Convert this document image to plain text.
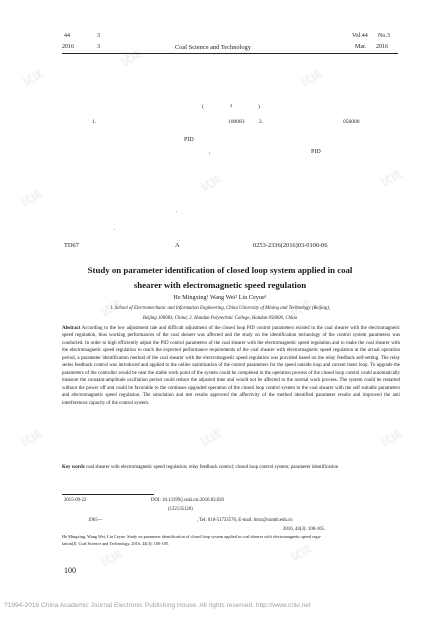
试读
试读
试读
试读
试读	试读
试读	试读
试读	试读	试读
试读	试读
44	3
2016	3	Coal Science and Technology
Vol.44 No.3
Mar. 2016
(	2	)
1.	100083	2.	056000
PID
,	PID
.
.
TD67	A	0253-2336(2016)03-0100-06
Study on parameter identification of closed loop system applied in coal
shearer with electromagnetic speed regulation
He Mingxing¹ Wang Wei² Liu Ceyue¹
1. School of Electromechanic and Information Engineering, China University of Mining and Technology (Beijing),
Beijing 100083, China; 2. Handan Polytechnic College, Handan 056000, China
Abstract According to the low adjustment rate and difficult adjustment of the closed loop PID control parameters existed in the coal shearer with the electromagnetic speed regulation, thus working performances of the coal shearer was affected and the study on the identification technology of the control system parameters was conducted. In order to high efficiently adjust the PID control parameters of the coal shearer with the electromagnetic speed regulation and to make the coal shearer with the electromagnetic speed regulation to reach the expected performance requirements of the coal shearer with electromagnetic speed regulation at the actual operation period, a parameter identification method of the coal shearer with the electromagnetic speed regulation was provided based on the relay feedback self-setting. The relay series feedback control was introduced and applied to the online optimization of the control parameters for the speed outside loop and current inner loop. To upgrade the parameters of the controller would be near the stable work point of the system could be completed in the operation process of the closed loop control could automatically measure the constant-amplitude oscillation period could reduce the adjusted time and would not be affected to the normal work process. The system could be restarted without the power off and could be favorable to the continues upgraded operation of the closed loop control system to the coal shearer with the self suitable parameters and electromagnetic speed regulation. The simulation and test results approved the affectivity of the method identified parameter results and improved the anti interferences capacity of the control system.
Key words coal shearer with electromagnetic speed regulation; relay feedback control; closed loop control system; parameter identification
2015-09-22	DOI: 10.13199/j.cnki.cst.2016.03.020
(122135120)
1965—	, Tel: 010-51733576, E-mail: hmx@cumtb.edu.cn
2016, 44(3): 100-105.
He Mingxing, Wang Wei, Liu Ceyue. Study on parameter identification of closed loop system applied in coal shearer with electromagnetic speed regu-
lation[J]. Coal Science and Technology, 2016, 44(3): 100-105.
100
?1994-2016 China Academic Journal Electronic Publishing House. All rights reserved. http://www.cnki.net
